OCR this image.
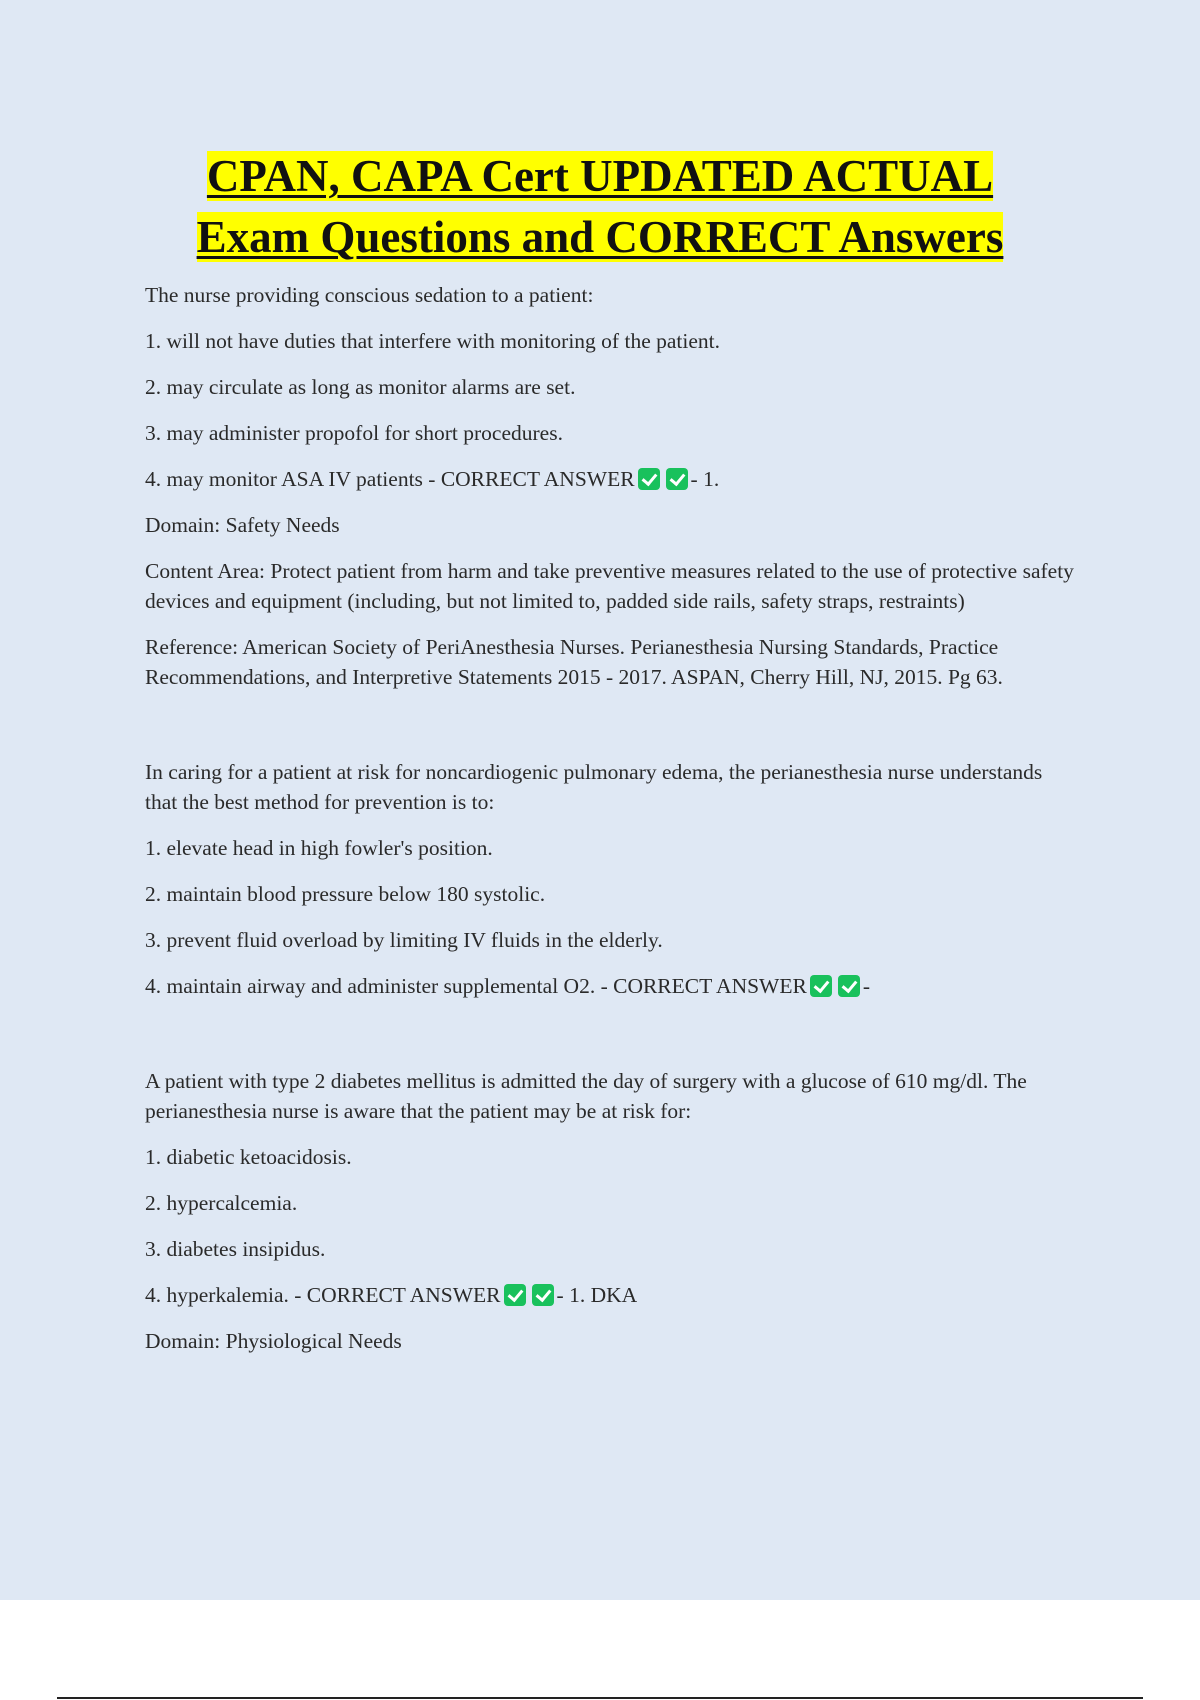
CPAN, CAPA Cert UPDATED ACTUAL
Exam Questions and CORRECT Answers

The nurse providing conscious sedation to a patient:

1. will not have duties that interfere with monitoring of the patient.

2. may circulate as long as monitor alarms are set.

3. may administer propofol for short procedures.

4. may monitor ASA IV patients - CORRECT ANSWER	- 1.

Domain: Safety Needs

Content Area: Protect patient from harm and take preventive measures related to the use of protective safety devices and equipment (including, but not limited to, padded side rails, safety straps, restraints)

Reference: American Society of PeriAnesthesia Nurses. Perianesthesia Nursing Standards, Practice Recommendations, and Interpretive Statements 2015 - 2017. ASPAN, Cherry Hill, NJ, 2015. Pg 63.

In caring for a patient at risk for noncardiogenic pulmonary edema, the perianesthesia nurse understands that the best method for prevention is to:

1. elevate head in high fowler's position.

2. maintain blood pressure below 180 systolic.

3. prevent fluid overload by limiting IV fluids in the elderly.

4. maintain airway and administer supplemental O2. - CORRECT ANSWER	-

A patient with type 2 diabetes mellitus is admitted the day of surgery with a glucose of 610 mg/dl. The perianesthesia nurse is aware that the patient may be at risk for:

1. diabetic ketoacidosis.

2. hypercalcemia.

3. diabetes insipidus.

4. hyperkalemia. - CORRECT ANSWER	- 1. DKA

Domain: Physiological Needs
